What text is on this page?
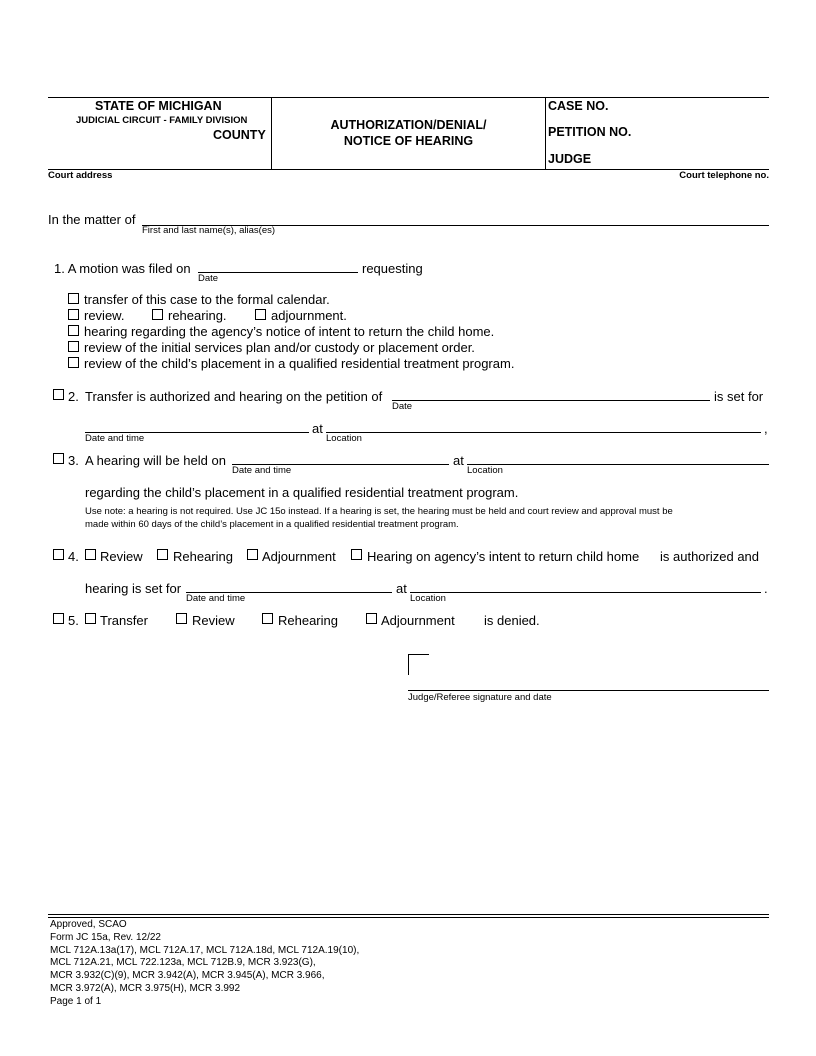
STATE OF MICHIGAN
JUDICIAL CIRCUIT - FAMILY DIVISION
COUNTY
AUTHORIZATION/DENIAL/
NOTICE OF HEARING
CASE NO.
PETITION NO.
JUDGE
Court address	Court telephone no.
In the matter of
First and last name(s), alias(es)
1. A motion was filed on	requesting
Date
transfer of this case to the formal calendar.
review.	rehearing.	adjournment.
hearing regarding the agency’s notice of intent to return the child home.
review of the initial services plan and/or custody or placement order.
review of the child’s placement in a qualified residential treatment program.
2. Transfer is authorized and hearing on the petition of	is set for
Date
at	,
Date and time	Location
3. A hearing will be held on	at
Date and time	Location
regarding the child’s placement in a qualified residential treatment program.
Use note: a hearing is not required. Use JC 15o instead. If a hearing is set, the hearing must be held and court review and approval must be
made within 60 days of the child’s placement in a qualified residential treatment program.
4. Review Rehearing Adjournment Hearing on agency’s intent to return child home is authorized and
hearing is set for	at	.
Date and time	Location
5. Transfer	Review	Rehearing	Adjournment is denied.
Judge/Referee signature and date
Approved, SCAO
Form JC 15a, Rev. 12/22
MCL 712A.13a(17), MCL 712A.17, MCL 712A.18d, MCL 712A.19(10),
MCL 712A.21, MCL 722.123a, MCL 712B.9, MCR 3.923(G),
MCR 3.932(C)(9), MCR 3.942(A), MCR 3.945(A), MCR 3.966,
MCR 3.972(A), MCR 3.975(H), MCR 3.992
Page 1 of 1
